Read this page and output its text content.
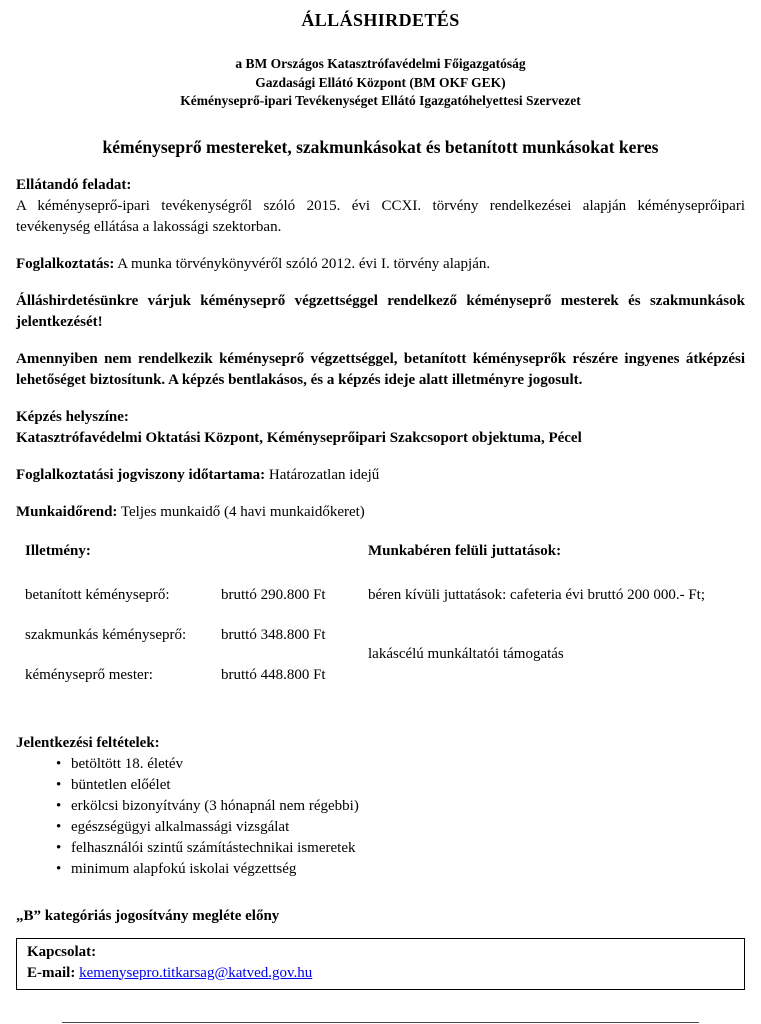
ÁLLÁSHIRDETÉS
a BM Országos Katasztrófavédelmi Főigazgatóság
Gazdasági Ellátó Központ (BM OKF GEK)
Kéményseprő-ipari Tevékenységet Ellátó Igazgatóhelyettesi Szervezet
kéményseprő mestereket, szakmunkásokat és betanított munkásokat keres

Ellátandó feladat:
A kéményseprő-ipari tevékenységről szóló 2015. évi CCXI. törvény rendelkezései alapján kéményseprőipari tevékenység ellátása a lakossági szektorban.

Foglalkoztatás: A munka törvénykönyvéről szóló 2012. évi I. törvény alapján.

Álláshirdetésünkre várjuk kéményseprő végzettséggel rendelkező kéményseprő mesterek és szakmunkások jelentkezését!

Amennyiben nem rendelkezik kéményseprő végzettséggel, betanított kéményseprők részére ingyenes átképzési lehetőséget biztosítunk. A képzés bentlakásos, és a képzés ideje alatt illetményre jogosult.

Képzés helyszíne:
Katasztrófavédelmi Oktatási Központ, Kéményseprőipari Szakcsoport objektuma, Pécel

Foglalkoztatási jogviszony időtartama: Határozatlan idejű

Munkaidőrend: Teljes munkaidő (4 havi munkaidőkeret)

Illetmény:
betanított kéményseprő:	bruttó 290.800 Ft
szakmunkás kéményseprő:	bruttó 348.800 Ft
kéményseprő mester:	bruttó 448.800 Ft
Munkabéren felüli juttatások:
béren kívüli juttatások: cafeteria évi bruttó 200 000.- Ft;
lakáscélú munkáltatói támogatás
Jelentkezési feltételek:
• betöltött 18. életév
• büntetlen előélet
• erkölcsi bizonyítvány (3 hónapnál nem régebbi)
• egészségügyi alkalmassági vizsgálat
• felhasználói szintű számítástechnikai ismeretek
• minimum alapfokú iskolai végzettség
„B” kategóriás jogosítvány megléte előny
Kapcsolat:
E-mail: kemenysepro.titkarsag@katved.gov.hu
